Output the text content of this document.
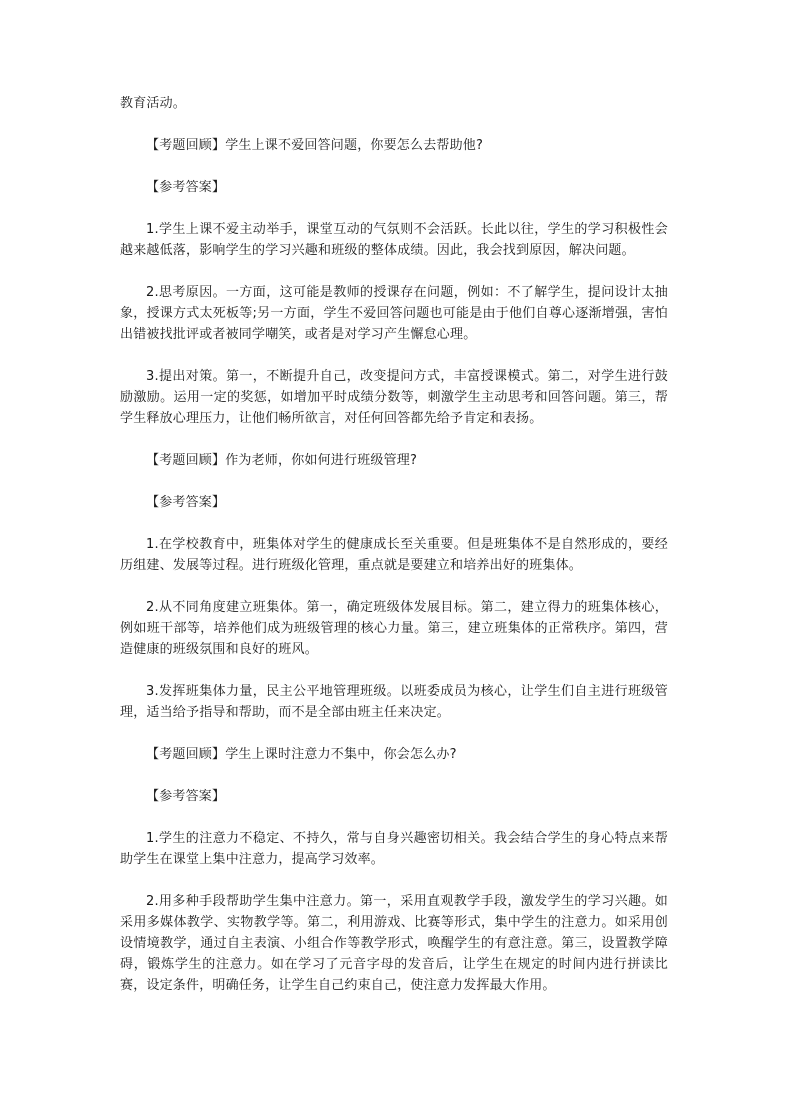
教育活动。

【考题回顾】学生上课不爱回答问题，你要怎么去帮助他?

【参考答案】

1.学生上课不爱主动举手，课堂互动的气氛则不会活跃。长此以往，学生的学习积极性会越来越低落，影响学生的学习兴趣和班级的整体成绩。因此，我会找到原因，解决问题。

2.思考原因。一方面，这可能是教师的授课存在问题，例如：不了解学生，提问设计太抽象，授课方式太死板等;另一方面，学生不爱回答问题也可能是由于他们自尊心逐渐增强，害怕出错被找批评或者被同学嘲笑，或者是对学习产生懈怠心理。

3.提出对策。第一，不断提升自己，改变提问方式，丰富授课模式。第二，对学生进行鼓励激励。运用一定的奖惩，如增加平时成绩分数等，刺激学生主动思考和回答问题。第三，帮学生释放心理压力，让他们畅所欲言，对任何回答都先给予肯定和表扬。

【考题回顾】作为老师，你如何进行班级管理?

【参考答案】

1.在学校教育中，班集体对学生的健康成长至关重要。但是班集体不是自然形成的，要经历组建、发展等过程。进行班级化管理，重点就是要建立和培养出好的班集体。

2.从不同角度建立班集体。第一，确定班级体发展目标。第二，建立得力的班集体核心，例如班干部等，培养他们成为班级管理的核心力量。第三，建立班集体的正常秩序。第四，营造健康的班级氛围和良好的班风。

3.发挥班集体力量，民主公平地管理班级。以班委成员为核心，让学生们自主进行班级管理，适当给予指导和帮助，而不是全部由班主任来决定。

【考题回顾】学生上课时注意力不集中，你会怎么办?

【参考答案】

1.学生的注意力不稳定、不持久，常与自身兴趣密切相关。我会结合学生的身心特点来帮助学生在课堂上集中注意力，提高学习效率。

2.用多种手段帮助学生集中注意力。第一，采用直观教学手段，激发学生的学习兴趣。如采用多媒体教学、实物教学等。第二，利用游戏、比赛等形式，集中学生的注意力。如采用创设情境教学，通过自主表演、小组合作等教学形式，唤醒学生的有意注意。第三，设置教学障碍，锻炼学生的注意力。如在学习了元音字母的发音后，让学生在规定的时间内进行拼读比赛，设定条件，明确任务，让学生自己约束自己，使注意力发挥最大作用。
